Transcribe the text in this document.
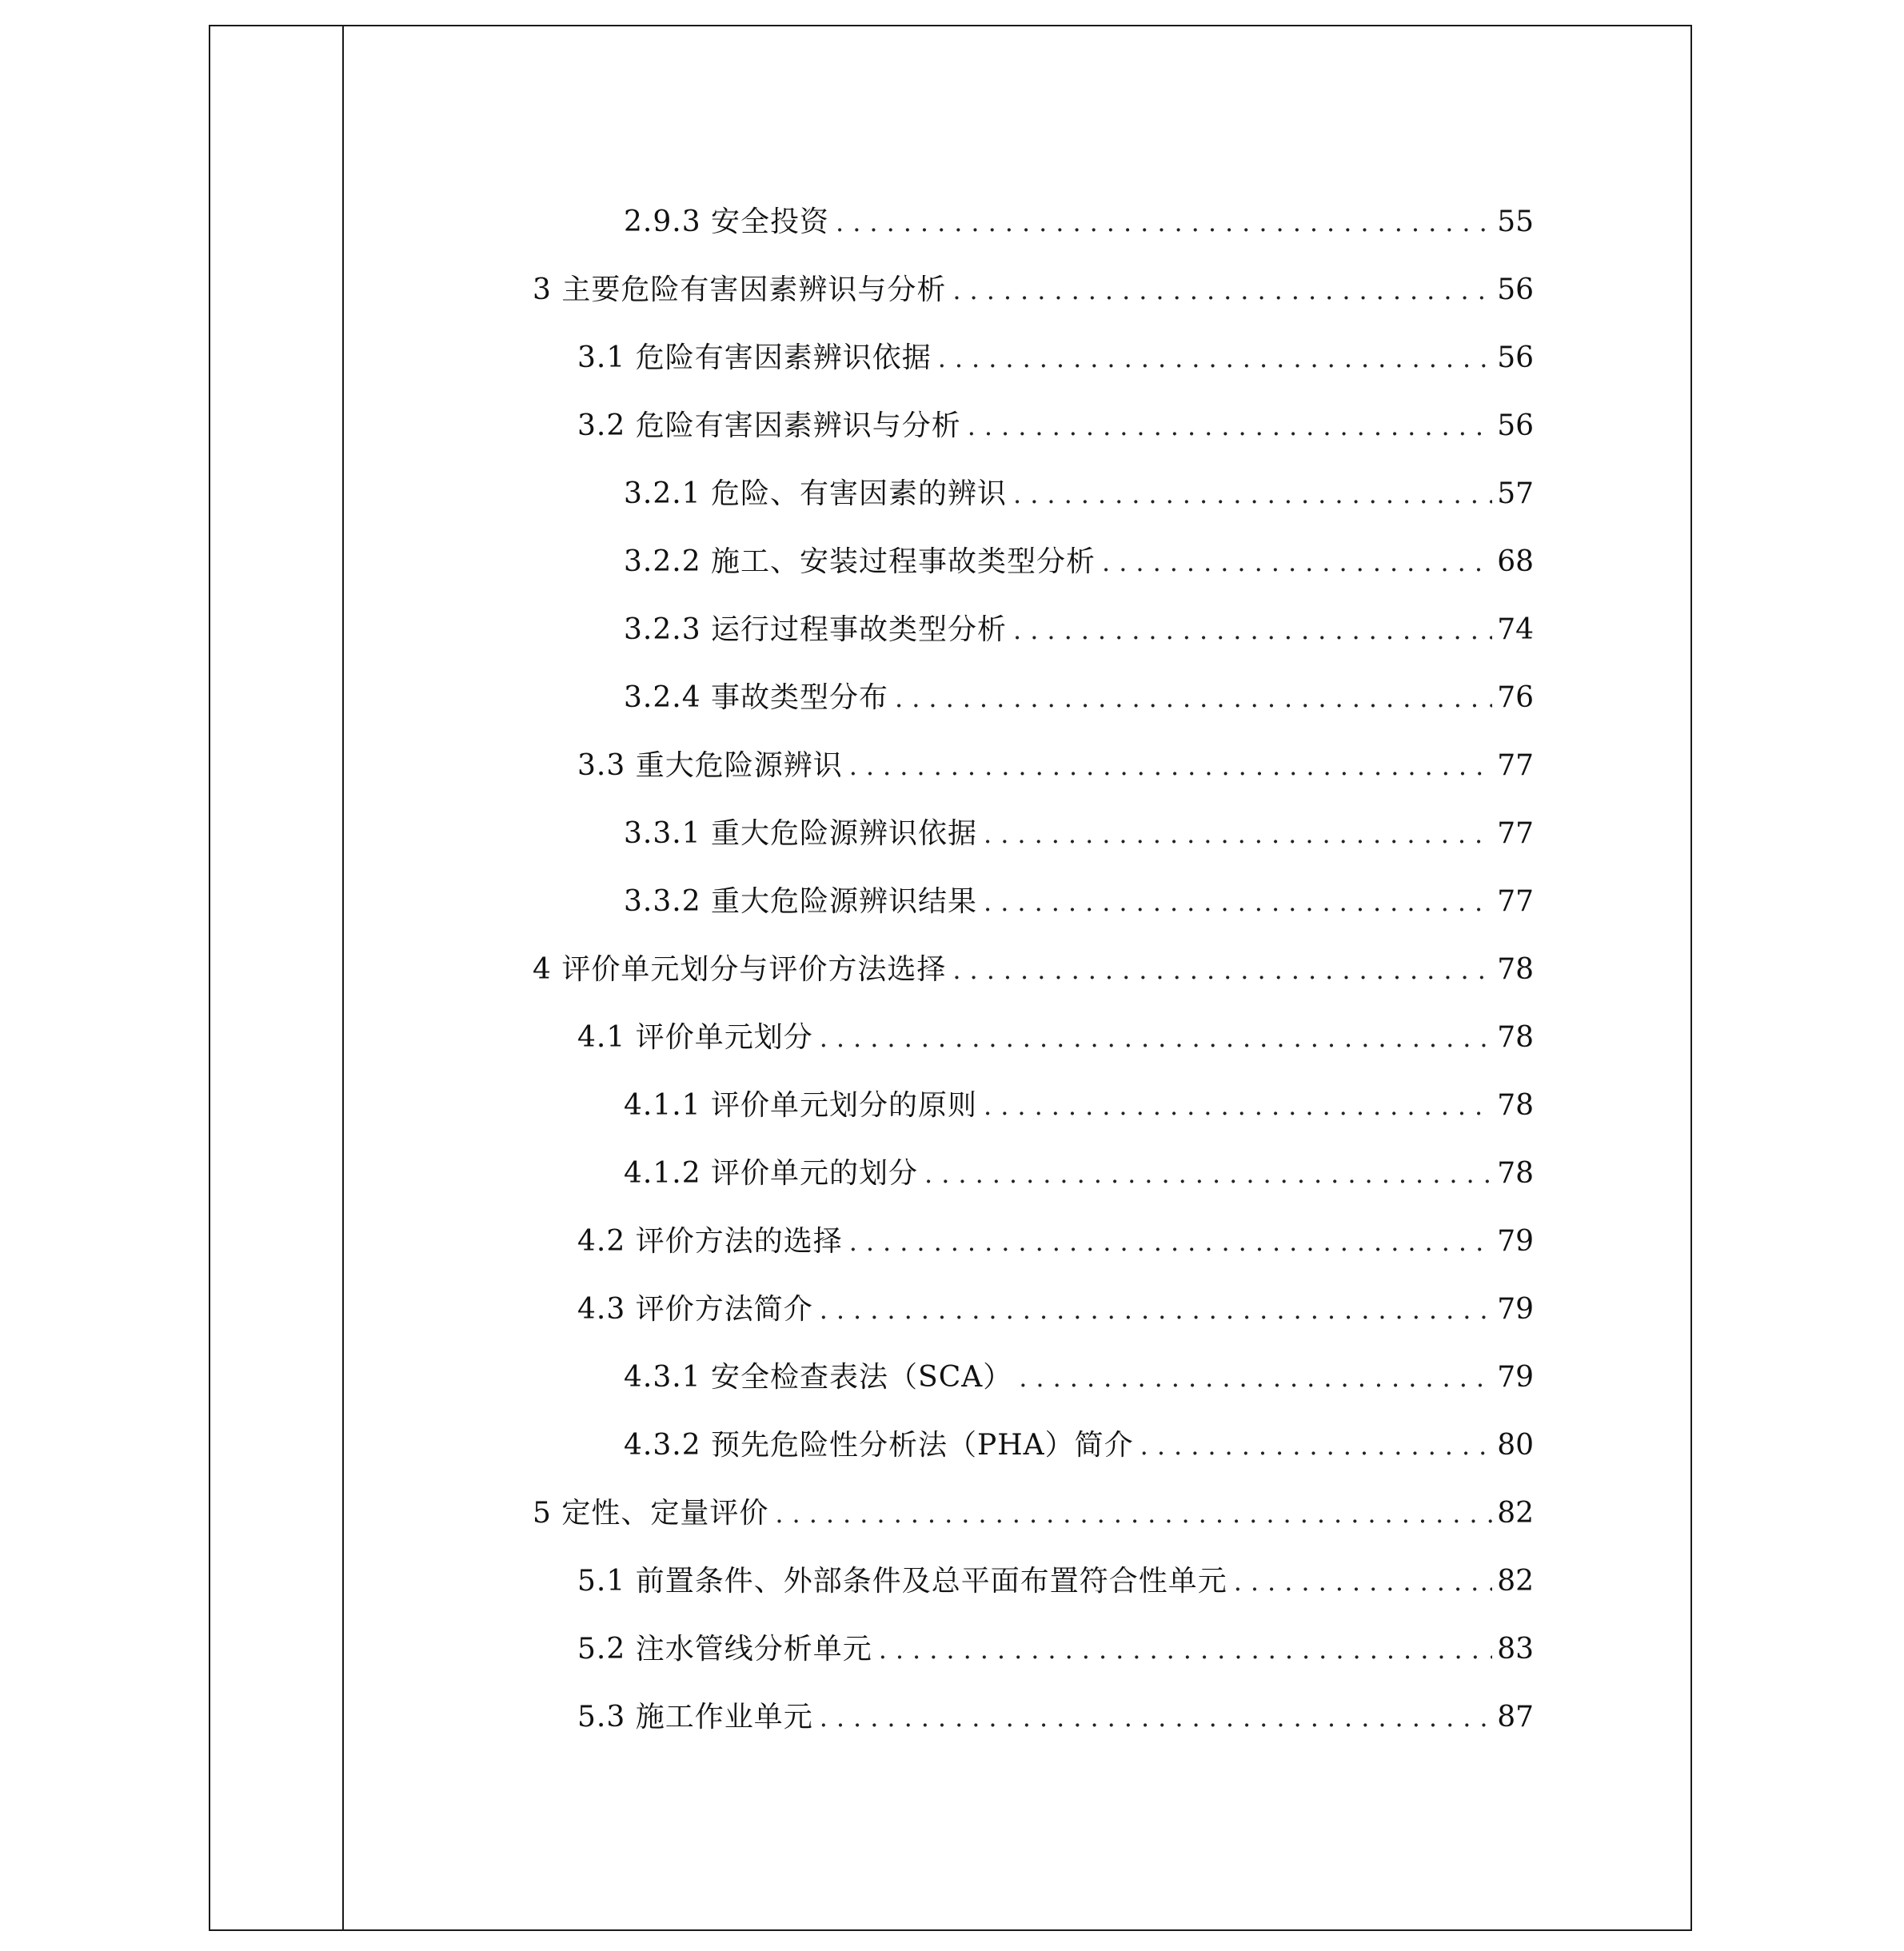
2.9.3 安全投资 .....	55
3 主要危险有害因素辨识与分析 .....	56
3.1 危险有害因素辨识依据 .....	56
3.2 危险有害因素辨识与分析 .....	56
3.2.1 危险、有害因素的辨识 .....	57
3.2.2 施工、安装过程事故类型分析 .....	68
3.2.3 运行过程事故类型分析 .....	74
3.2.4 事故类型分布 .....	76
3.3 重大危险源辨识 .....	77
3.3.1 重大危险源辨识依据 .....	77
3.3.2 重大危险源辨识结果 .....	77
4 评价单元划分与评价方法选择 .....	78
4.1 评价单元划分 .....	78
4.1.1 评价单元划分的原则 .....	78
4.1.2 评价单元的划分 .....	78
4.2 评价方法的选择 .....	79
4.3 评价方法简介 .....	79
4.3.1 安全检查表法（SCA） .....	79
4.3.2 预先危险性分析法（PHA）简介 .....	80
5 定性、定量评价 .....	82
5.1 前置条件、外部条件及总平面布置符合性单元 .....	82
5.2 注水管线分析单元 .....	83
5.3 施工作业单元 .....	87
